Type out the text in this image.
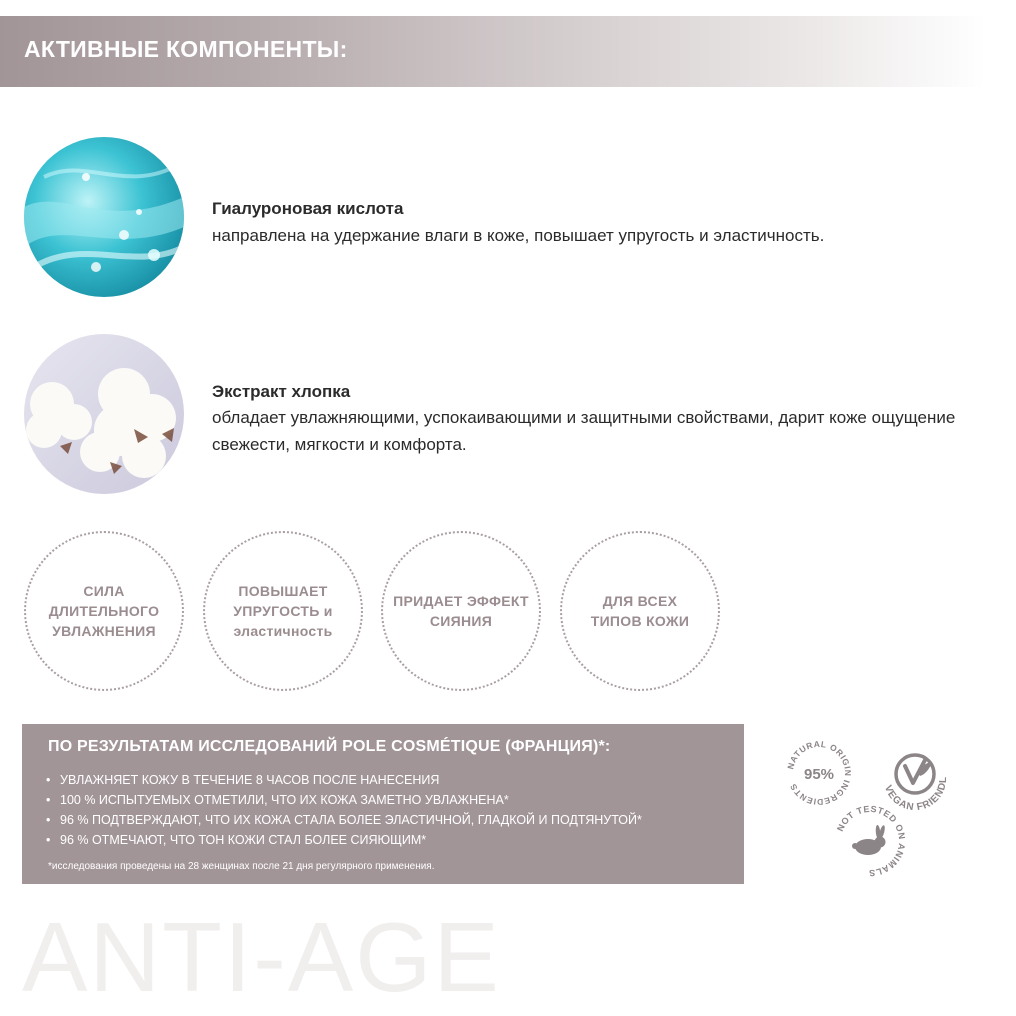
АКТИВНЫЕ КОМПОНЕНТЫ:
Гиалуроновая кислота
направлена на удержание влаги в коже, повышает упругость и эластичность.
Экстракт хлопка
обладает увлажняющими, успокаивающими и защитными свойствами, дарит коже ощущение свежести, мягкости и комфорта.
СИЛА
ДЛИТЕЛЬНОГО
УВЛАЖНЕНИЯ
ПОВЫШАЕТ
УПРУГОСТЬ и
эластичность
ПРИДАЕТ ЭФФЕКТ
СИЯНИЯ
ДЛЯ ВСЕХ
ТИПОВ КОЖИ
ПО РЕЗУЛЬТАТАМ ИССЛЕДОВАНИЙ POLE COSMÉTIQUE (ФРАНЦИЯ)*:
• УВЛАЖНЯЕТ КОЖУ В ТЕЧЕНИЕ 8 ЧАСОВ ПОСЛЕ НАНЕСЕНИЯ
• 100 % ИСПЫТУЕМЫХ ОТМЕТИЛИ, ЧТО ИХ КОЖА ЗАМЕТНО УВЛАЖНЕНА*
• 96 % ПОДТВЕРЖДАЮТ, ЧТО ИХ КОЖА СТАЛА БОЛЕЕ ЭЛАСТИЧНОЙ, ГЛАДКОЙ И ПОДТЯНУТОЙ*
• 96 % ОТМЕЧАЮТ, ЧТО ТОН КОЖИ СТАЛ БОЛЕЕ СИЯЮЩИМ*
*исследования проведены на 28 женщинах после 21 дня регулярного применения.
NATURAL ORIGIN INGREDIENTS
95%
VEGAN FRIENDL
NOT TESTED ON ANIMALS
ANTI-AGE
